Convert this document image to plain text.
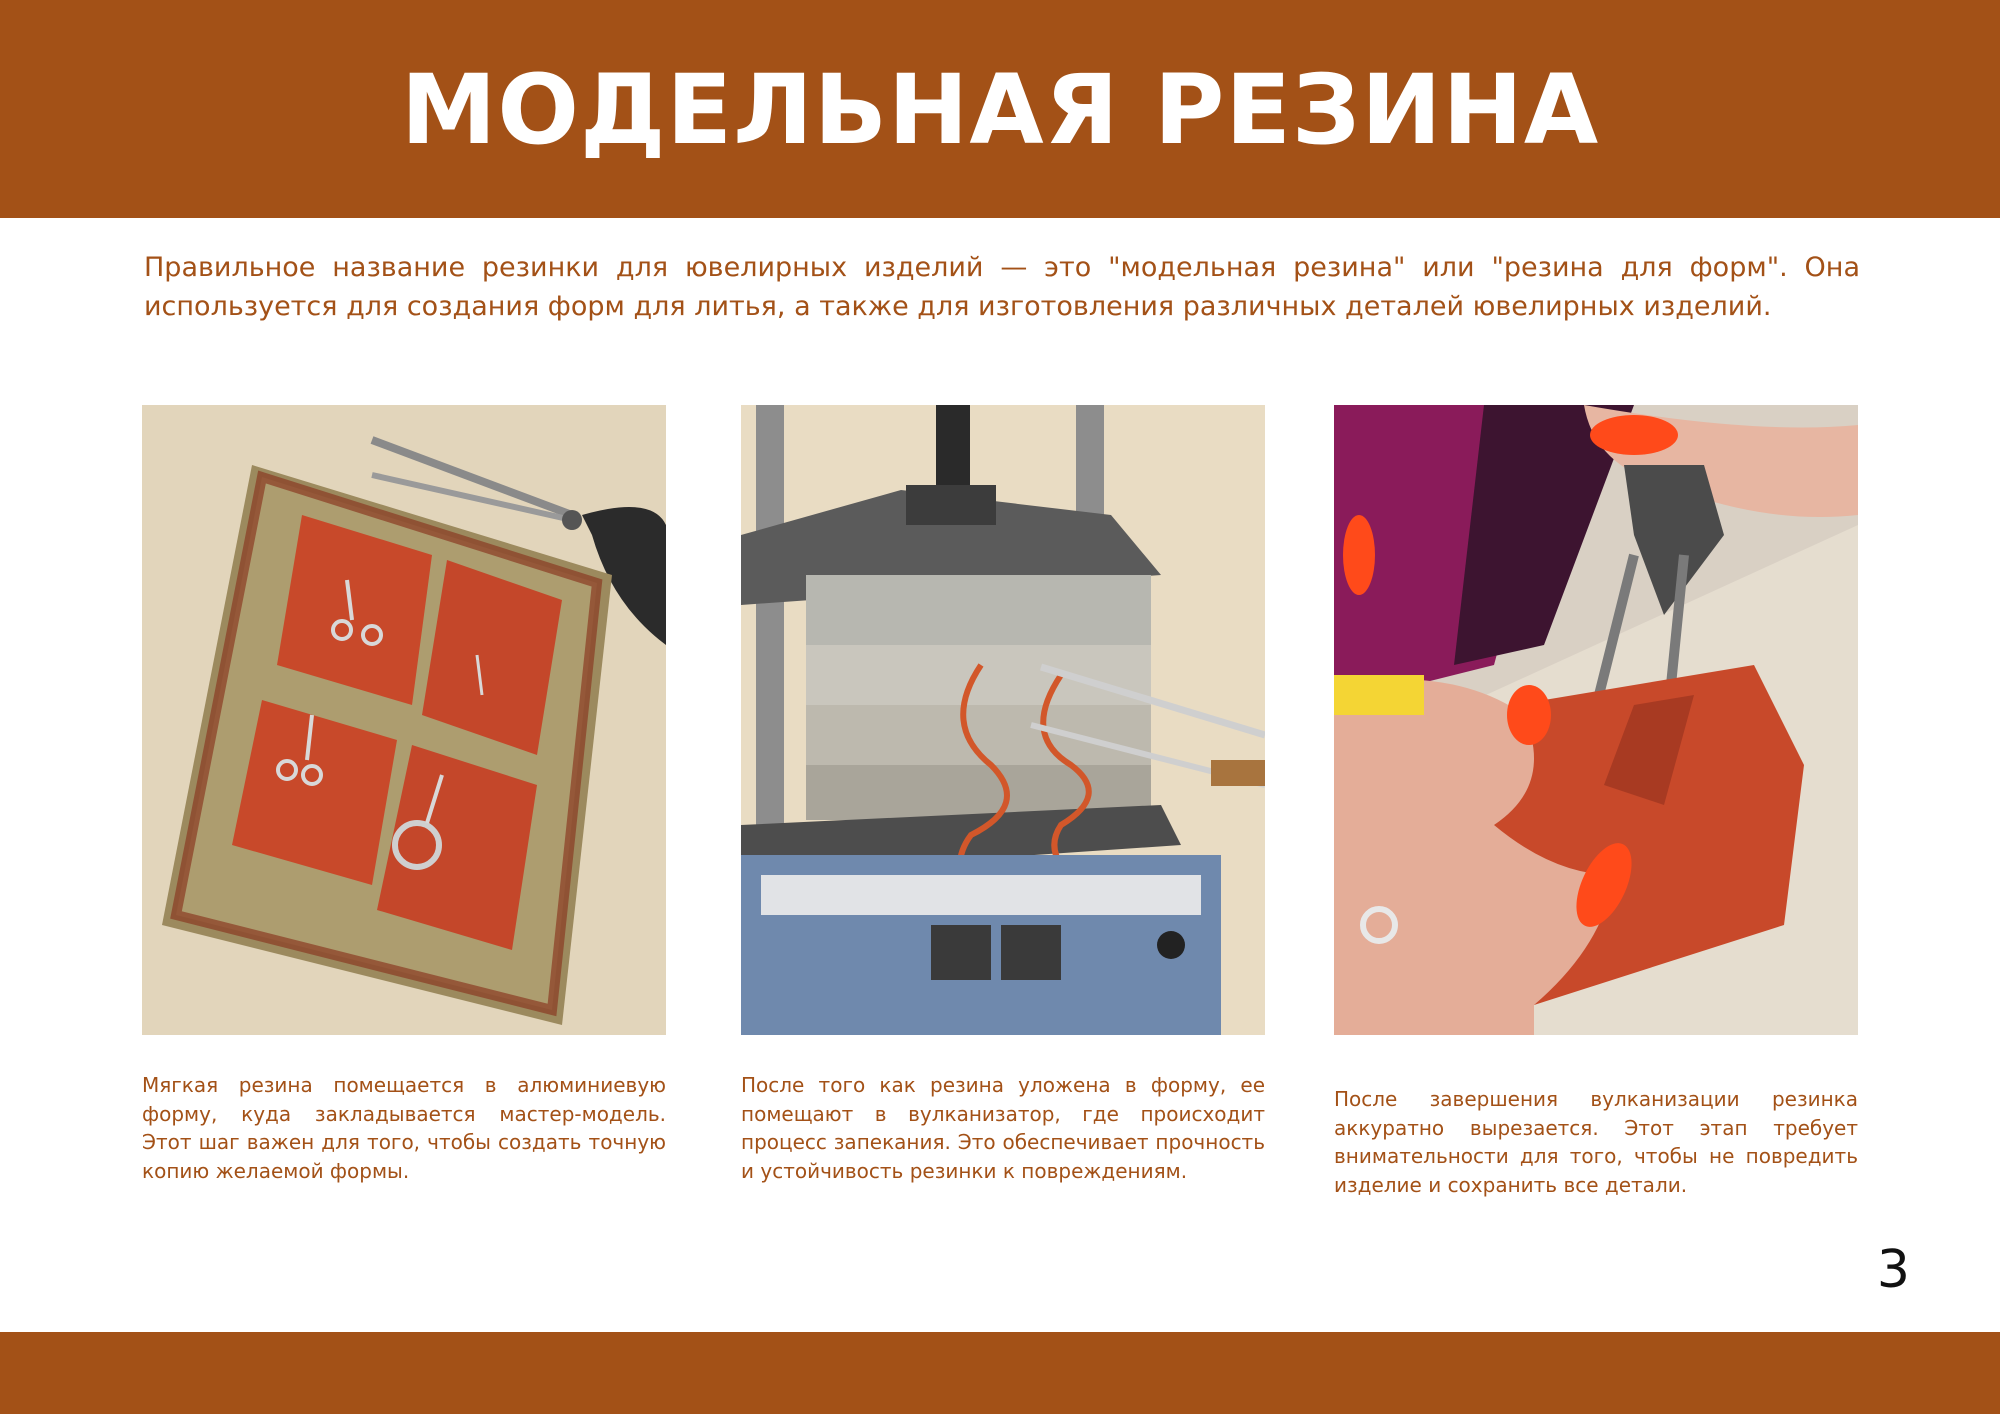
МОДЕЛЬНАЯ РЕЗИНА
Правильное название резинки для ювелирных изделий — это "модельная резина" или "резина для форм". Она используется для создания форм для литья, а также для изготовления различных деталей ювелирных изделий.
Мягкая резина помещается в алюминиевую форму, куда закладывается мастер-модель. Этот шаг важен для того, чтобы создать точную копию желаемой формы.
После того как резина уложена в форму, ее помещают в вулканизатор, где происходит процесс запекания. Это обеспечивает прочность и устойчивость резинки к повреждениям.
После завершения вулканизации резинка аккуратно вырезается. Этот этап требует внимательности для того, чтобы не повредить изделие и сохранить все детали.
3
